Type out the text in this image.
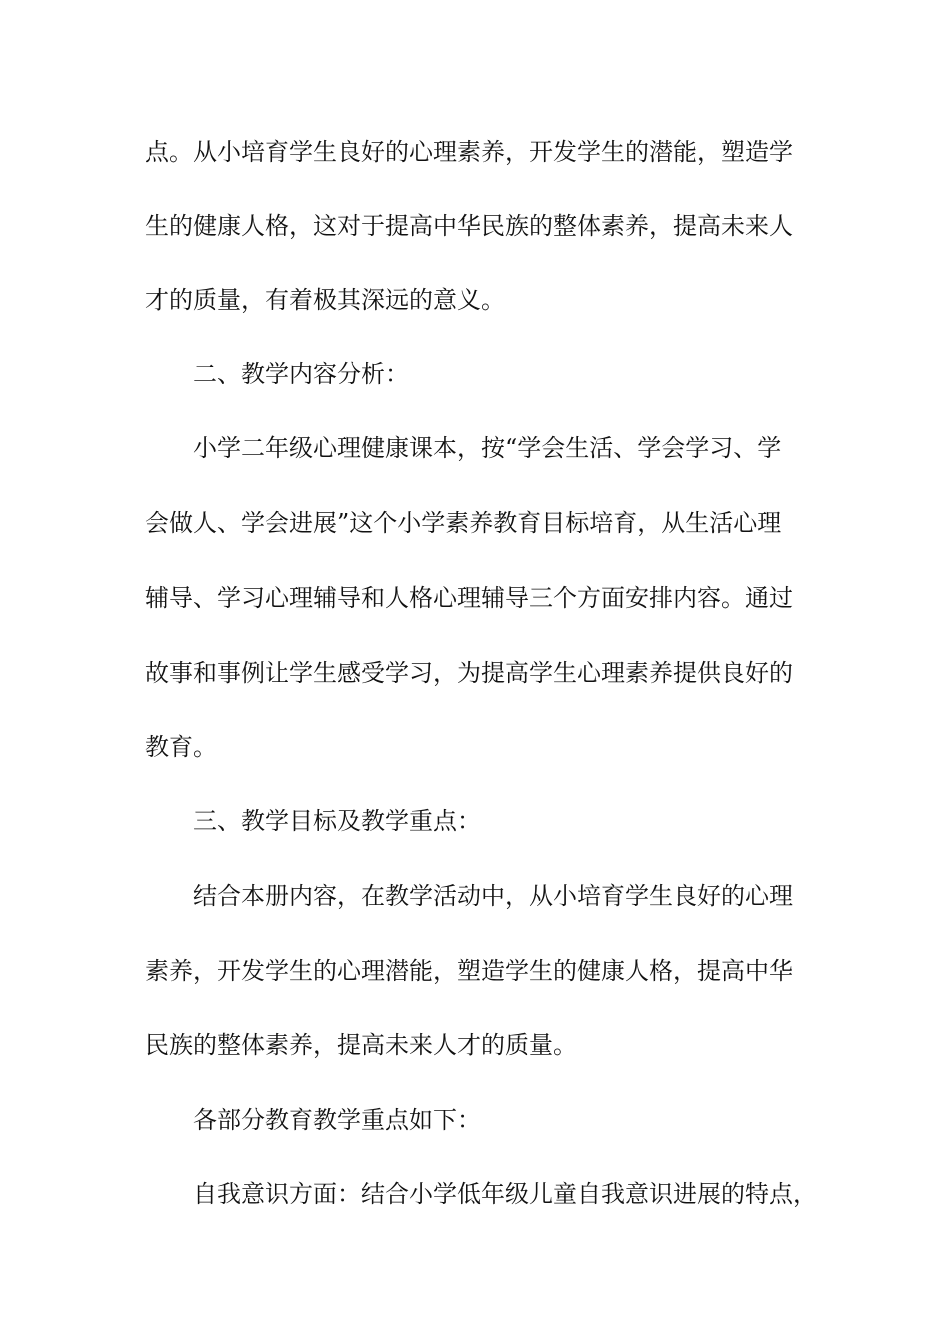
点。从小培育学生良好的心理素养，开发学生的潜能，塑造学
生的健康人格，这对于提高中华民族的整体素养，提高未来人
才的质量，有着极其深远的意义。
二、教学内容分析：
小学二年级心理健康课本，按“学会生活、学会学习、学
会做人、学会进展”这个小学素养教育目标培育，从生活心理
辅导、学习心理辅导和人格心理辅导三个方面安排内容。通过
故事和事例让学生感受学习，为提高学生心理素养提供良好的
教育。
三、教学目标及教学重点：
结合本册内容，在教学活动中，从小培育学生良好的心理
素养，开发学生的心理潜能，塑造学生的健康人格，提高中华
民族的整体素养，提高未来人才的质量。
各部分教育教学重点如下：
自我意识方面：结合小学低年级儿童自我意识进展的特点，
